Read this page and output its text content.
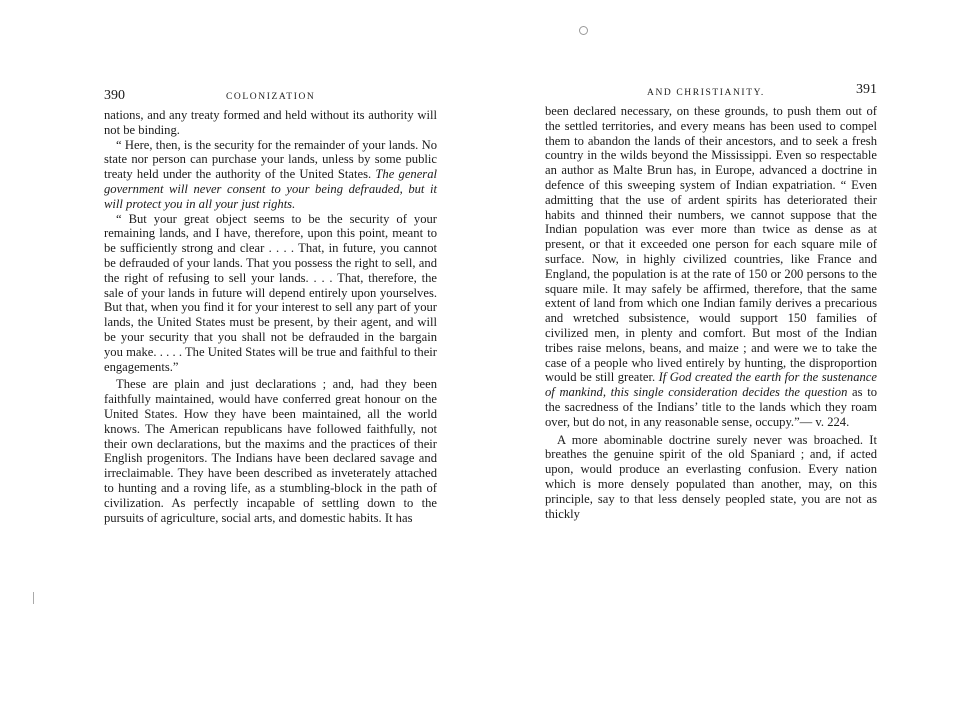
390	COLONIZATION

nations, and any treaty formed and held without its authority will not be binding.

“ Here, then, is the security for the remainder of your lands. No state nor person can purchase your lands, unless by some public treaty held under the authority of the United States. The general government will never consent to your being defrauded, but it will protect you in all your just rights.

“ But your great object seems to be the security of your remaining lands, and I have, therefore, upon this point, meant to be sufficiently strong and clear . . . . That, in future, you cannot be defrauded of your lands. That you possess the right to sell, and the right of refusing to sell your lands. . . . That, therefore, the sale of your lands in future will depend entirely upon yourselves. But that, when you find it for your interest to sell any part of your lands, the United States must be present, by their agent, and will be your security that you shall not be defrauded in the bargain you make. . . . . The United States will be true and faithful to their engagements.”

These are plain and just declarations ; and, had they been faithfully maintained, would have conferred great honour on the United States. How they have been maintained, all the world knows. The American republicans have followed faithfully, not their own declarations, but the maxims and the practices of their English progenitors. The Indians have been declared savage and irreclaimable. They have been described as inveterately attached to hunting and a roving life, as a stumbling-block in the path of civilization. As perfectly incapable of settling down to the pursuits of agriculture, social arts, and domestic habits. It has

AND CHRISTIANITY.	391

been declared necessary, on these grounds, to push them out of the settled territories, and every means has been used to compel them to abandon the lands of their ancestors, and to seek a fresh country in the wilds beyond the Mississippi. Even so respectable an author as Malte Brun has, in Europe, advanced a doctrine in defence of this sweeping system of Indian expatriation. “ Even admitting that the use of ardent spirits has deteriorated their habits and thinned their numbers, we cannot suppose that the Indian population was ever more than twice as dense as at present, or that it exceeded one person for each square mile of surface. Now, in highly civilized countries, like France and England, the population is at the rate of 150 or 200 persons to the square mile. It may safely be affirmed, therefore, that the same extent of land from which one Indian family derives a precarious and wretched subsistence, would support 150 families of civilized men, in plenty and comfort. But most of the Indian tribes raise melons, beans, and maize ; and were we to take the case of a people who lived entirely by hunting, the disproportion would be still greater. If God created the earth for the sustenance of mankind, this single consideration decides the question as to the sacredness of the Indians’ title to the lands which they roam over, but do not, in any reasonable sense, occupy.”— v. 224.

A more abominable doctrine surely never was broached. It breathes the genuine spirit of the old Spaniard ; and, if acted upon, would produce an everlasting confusion. Every nation which is more densely populated than another, may, on this principle, say to that less densely peopled state, you are not as thickly
